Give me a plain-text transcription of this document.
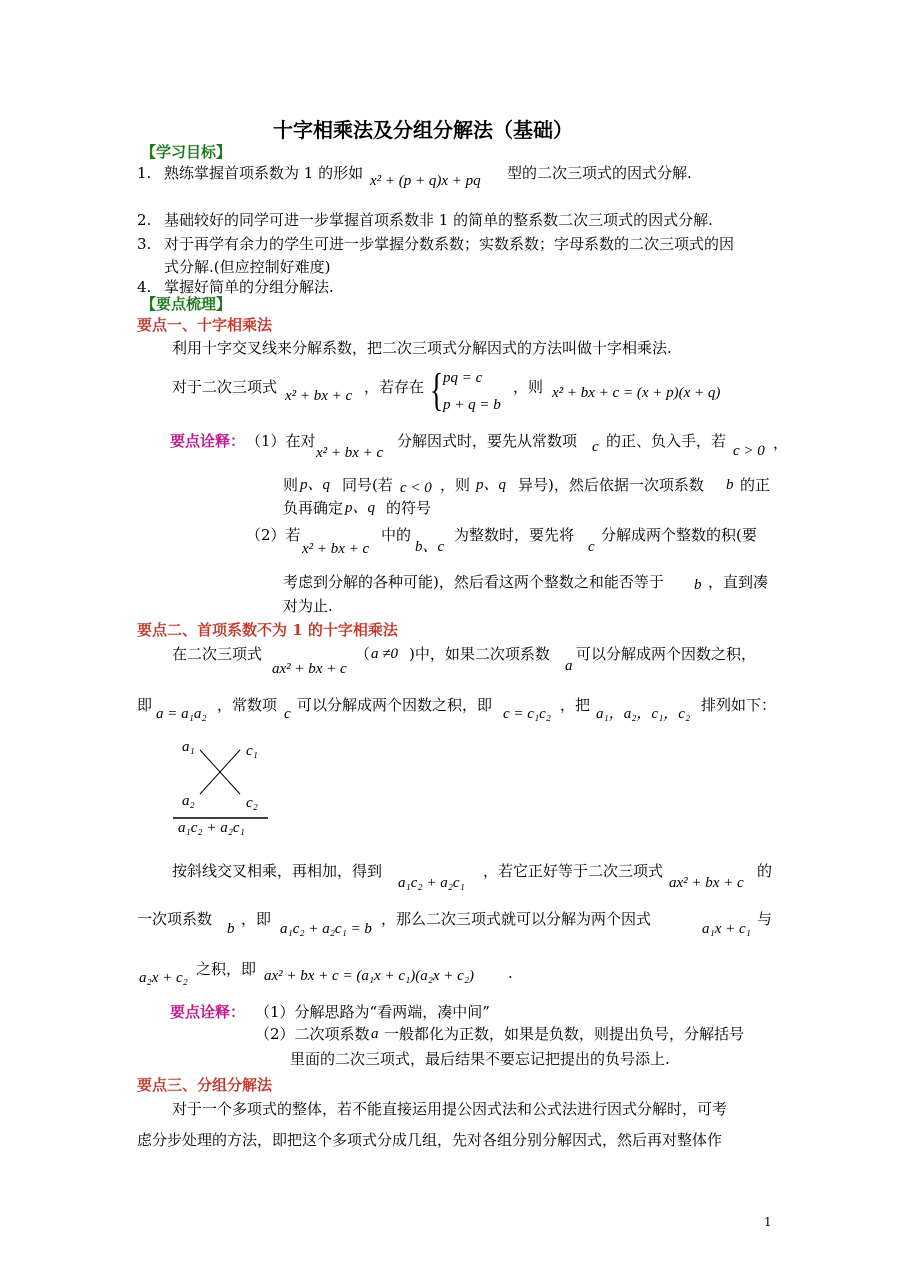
十字相乘法及分组分解法（基础）
【学习目标】
1. 熟练掌握首项系数为 1 的形如 x² + (p + q)x + pq 型的二次三项式的因式分解.
2. 基础较好的同学可进一步掌握首项系数非 1 的简单的整系数二次三项式的因式分解.
3. 对于再学有余力的学生可进一步掌握分数系数；实数系数；字母系数的二次三项式的因
式分解.(但应控制好难度)
4. 掌握好简单的分组分解法.
【要点梳理】
要点一、十字相乘法
利用十字交叉线来分解系数，把二次三项式分解因式的方法叫做十字相乘法.
对于二次三项式 x² + bx + c ，若存在 { pq = c
p + q = b
，则 x² + bx + c = (x + p)(x + q)
要点诠释： （1）在对
x² + bx + c
分解因式时，要先从常数项 c 的正、负入手，若
c > 0 ，
则 p、q 同号(若 c < 0 ，则 p、q 异号)，然后依据一次项系数 b 的正
负再确定 p、q 的符号
（2）若
x² + bx + c
中的
b、c
为整数时，要先将
c
分解成两个整数的积(要
考虑到分解的各种可能)，然后看这两个整数之和能否等于 b ，直到凑
对为止.
要点二、首项系数不为 1 的十字相乘法
在二次三项式
ax² + bx + c
（ a ≠0 )中，如果二次项系数
a
可以分解成两个因数之积，
即 a = a₁a₂ ，常数项 c 可以分解成两个因数之积，即 c = c₁c₂ ，把 a₁，a₂，c₁，c₂ 排列如下：
a₁	c₁
a₂	c₂
a₁c₂ + a₂c₁
按斜线交叉相乘，再相加，得到
a₁c₂ + a₂c₁
，若它正好等于二次三项式
ax² + bx + c
的
一次项系数
b
，即
a₁c₂ + a₂c₁ = b
，那么二次三项式就可以分解为两个因式
a₁x + c₁
与
a₂x + c₂ 之积，即 ax² + bx + c = (a₁x + c₁)(a₂x + c₂) .
要点诠释： （1）分解思路为“看两端，凑中间”
（2）二次项系数 a 一般都化为正数，如果是负数，则提出负号，分解括号
里面的二次三项式，最后结果不要忘记把提出的负号添上.
要点三、分组分解法
对于一个多项式的整体，若不能直接运用提公因式法和公式法进行因式分解时，可考
虑分步处理的方法，即把这个多项式分成几组，先对各组分别分解因式，然后再对整体作
1
